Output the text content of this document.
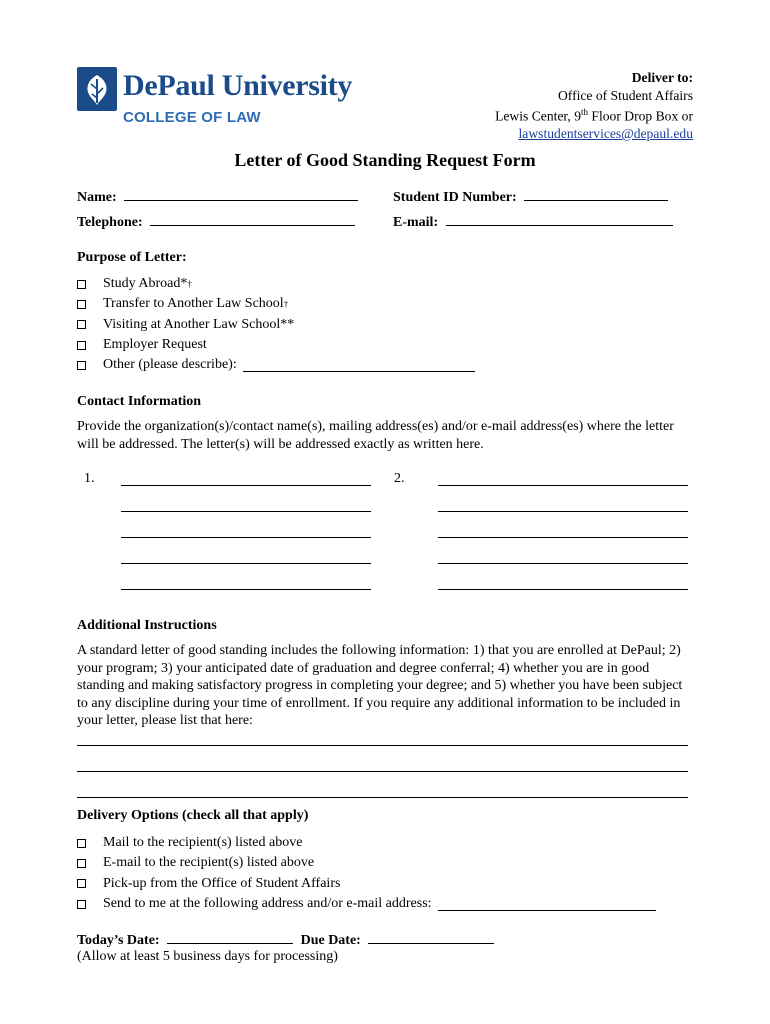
DePaul University
COLLEGE OF LAW
Deliver to:
Office of Student Affairs
Lewis Center, 9th Floor Drop Box or
lawstudentservices@depaul.edu
Letter of Good Standing Request Form
Name:	Student ID Number:
Telephone:	E-mail:
Purpose of Letter:
Study Abroad* †
Transfer to Another Law School †
Visiting at Another Law School**
Employer Request
Other (please describe):
Contact Information
Provide the organization(s)/contact name(s), mailing address(es) and/or e-mail address(es) where the letter will be addressed. The letter(s) will be addressed exactly as written here.
1.	2.
Additional Instructions
A standard letter of good standing includes the following information: 1) that you are enrolled at DePaul; 2) your program; 3) your anticipated date of graduation and degree conferral; 4) whether you are in good standing and making satisfactory progress in completing your degree; and 5) whether you have been subject to any discipline during your time of enrollment. If you require any additional information to be included in your letter, please list that here:
Delivery Options (check all that apply)
Mail to the recipient(s) listed above
E-mail to the recipient(s) listed above
Pick-up from the Office of Student Affairs
Send to me at the following address and/or e-mail address:
Today’s Date:	Due Date:
(Allow at least 5 business days for processing)
